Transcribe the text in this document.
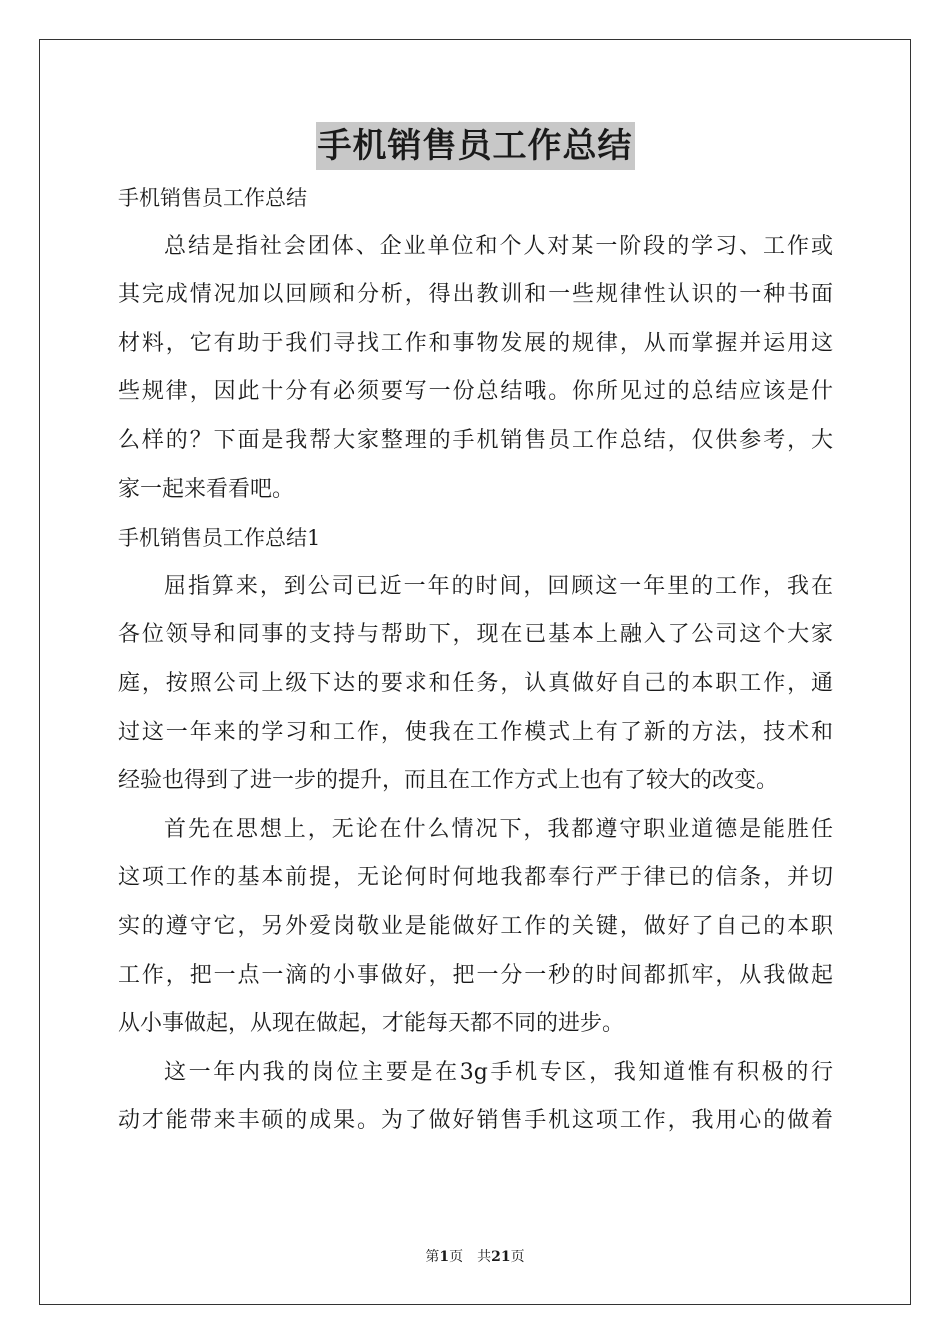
手机销售员工作总结
手机销售员工作总结
总结是指社会团体、企业单位和个人对某一阶段的学习、工作或
其完成情况加以回顾和分析，得出教训和一些规律性认识的一种书面
材料，它有助于我们寻找工作和事物发展的规律，从而掌握并运用这
些规律，因此十分有必须要写一份总结哦。你所见过的总结应该是什
么样的？下面是我帮大家整理的手机销售员工作总结，仅供参考，大
家一起来看看吧。
手机销售员工作总结1
屈指算来，到公司已近一年的时间，回顾这一年里的工作，我在
各位领导和同事的支持与帮助下，现在已基本上融入了公司这个大家
庭，按照公司上级下达的要求和任务，认真做好自己的本职工作，通
过这一年来的学习和工作，使我在工作模式上有了新的方法，技术和
经验也得到了进一步的提升，而且在工作方式上也有了较大的改变。
首先在思想上，无论在什么情况下，我都遵守职业道德是能胜任
这项工作的基本前提，无论何时何地我都奉行严于律已的信条，并切
实的遵守它，另外爱岗敬业是能做好工作的关键，做好了自己的本职
工作，把一点一滴的小事做好，把一分一秒的时间都抓牢，从我做起
从小事做起，从现在做起，才能每天都不同的进步。
这一年内我的岗位主要是在3g手机专区，我知道惟有积极的行
动才能带来丰硕的成果。为了做好销售手机这项工作，我用心的做着
第1页 共21页
